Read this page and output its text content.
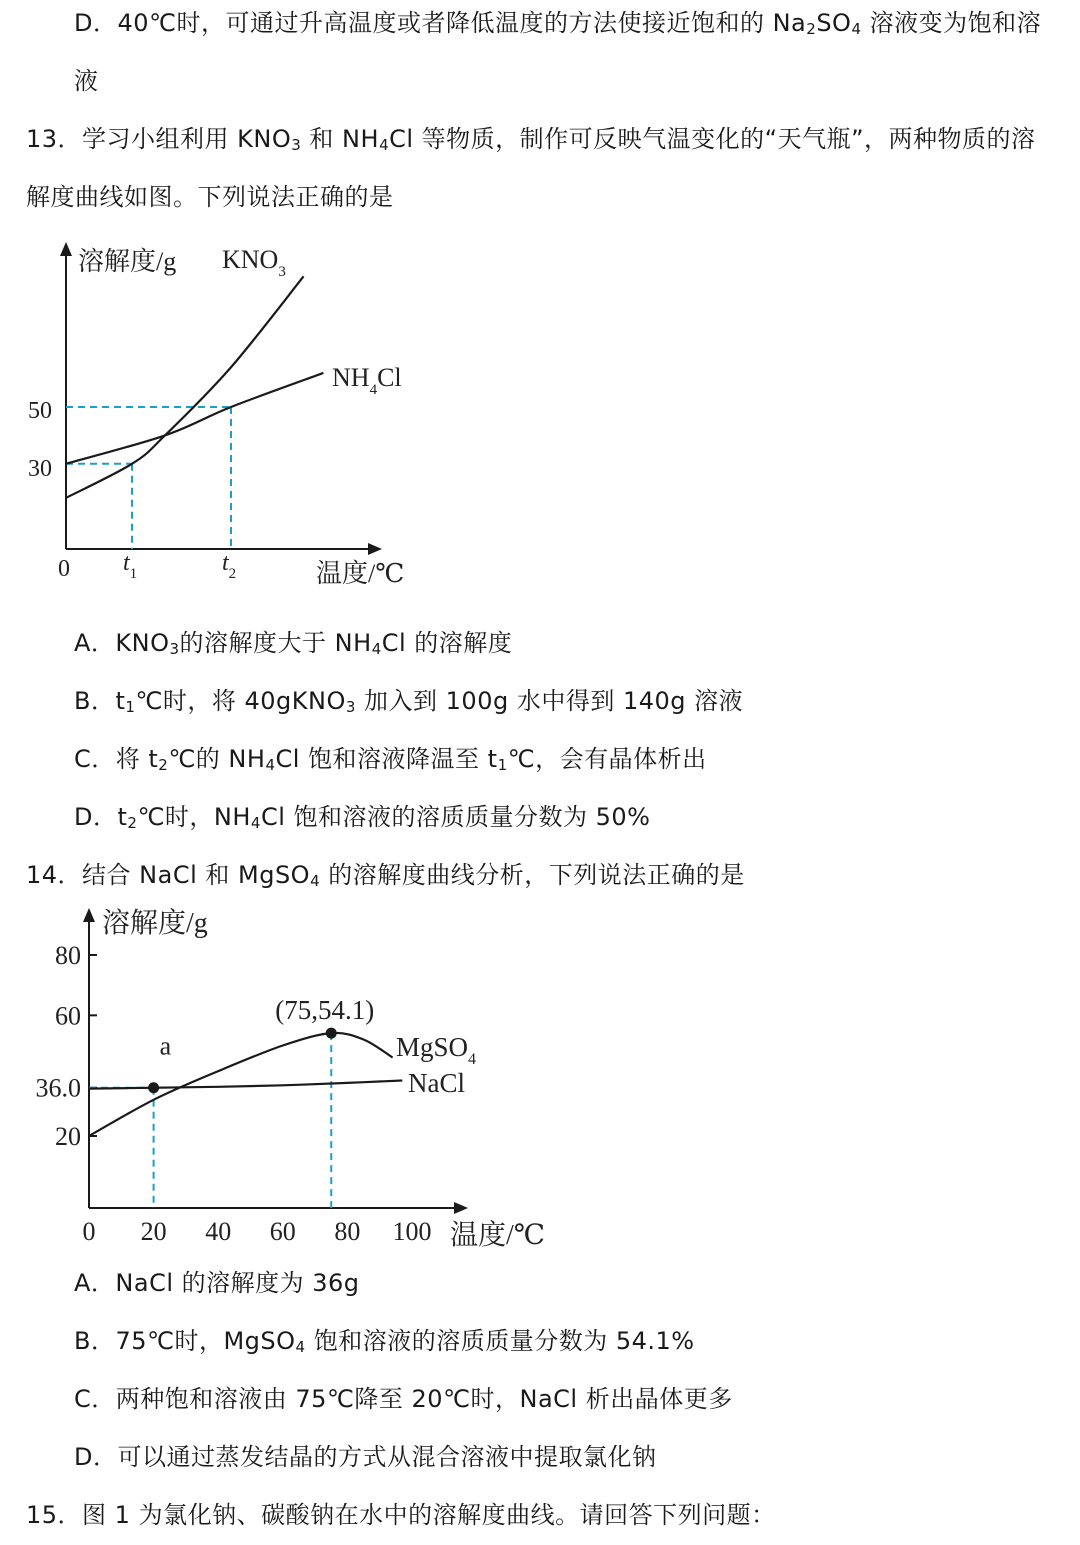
D．40℃时，可通过升高温度或者降低温度的方法使接近饱和的 $Na_2SO_4$ 溶液变为饱和溶
液
13．学习小组利用 $KNO_3$ 和 $NH_4Cl$ 等物质，制作可反映气温变化的“天气瓶”，两种物质的溶
解度曲线如图。下列说法正确的是
溶解度/g
温度/℃
0
30
50
$t_1$	$t_2$
$KNO_3$
$NH_4Cl$
A．$KNO_3$的溶解度大于 $NH_4Cl$ 的溶解度
B．$t_1℃$时，将 40gKNO$_3$ 加入到 100g 水中得到 140g 溶液
C．将 $t_2℃$的 $NH_4Cl$ 饱和溶液降温至 $t_1℃$，会有晶体析出
D．$t_2℃$时，$NH_4Cl$ 饱和溶液的溶质质量分数为 50%
14．结合 NaCl 和 MgSO$_4$ 的溶解度曲线分析，下列说法正确的是
20
36.0
60
80
0 20 40 60 80 100
溶解度/g
温度/℃
a
(75,54.1)
MgSO$_4$
NaCl
A．NaCl 的溶解度为 36g
B．75℃时，MgSO$_4$ 饱和溶液的溶质质量分数为 54.1%
C．两种饱和溶液由 75℃降至 20℃时，NaCl 析出晶体更多
D．可以通过蒸发结晶的方式从混合溶液中提取氯化钠
15．图 1 为氯化钠、碳酸钠在水中的溶解度曲线。请回答下列问题：
